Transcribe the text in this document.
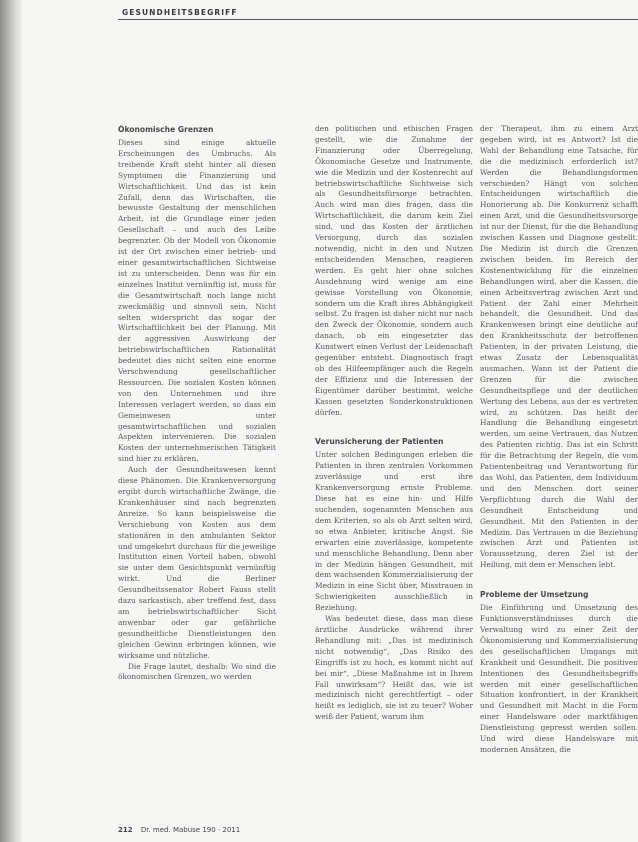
GESUNDHEITSBEGRIFF
Ökonomische Grenzen

Dieses sind einige aktuelle Erscheinungen des Umbruchs. Als treibende Kraft steht hinter all diesen Symptomen die Finanzierung und Wirtschaftlichkeit. Und das ist kein Zufall, denn das Wirtschaften, die bewusste Gestaltung der menschlichen Arbeit, ist die Grundlage einer jeden Gesellschaft – und auch des Leibe begrenzter. Ob der Modell von Ökonomie ist der Ort zwischen einer betrieb- und einer gesamtwirtschaftlichen Sichtweise ist zu unterscheiden. Denn was für ein einzelnes Institut vernünftig ist, muss für die Gesamtwirtschaft noch lange nicht zweckmäßig und sinnvoll sein. Nicht selten widerspricht das sogar der Wirtschaftlichkeit bei der Planung. Mit der aggressiven Auswirkung der betriebswirtschaftlichen Rationalität bedeutet dies nicht selten eine enorme Verschwendung gesellschaftlicher Ressourcen. Die sozialen Kosten können von den Unternehmen und ihre Interessen verlagert werden, so dass ein Gemeinwesen unter gesamtwirtschaftlichen und sozialen Aspekten intervenieren. Die sozialen Kosten der unternehmerischen Tätigkeit sind hier zu erklären.

Auch der Gesundheitswesen kennt diese Phänomen. Die Krankenversorgung ergibt durch wirtschaftliche Zwänge, die Krankenhäuser sind nach begrenzten Anreize. So kann beispielsweise die Verschiebung von Kosten aus dem stationären in den ambulanten Sektor und umgekehrt durchaus für die jeweilige Institution einen Vorteil haben, obwohl sie unter dem Gesichtspunkt vernünftig wirkt. Und die Berliner Gesundheitssenator Robert Fauss stellt dazu sarkastisch, aber treffend fest, dass am betriebswirtschaftlicher Sicht anwenbar oder gar gefährliche gesundheitliche Dienstleistungen den gleichen Gewinn erbringen können, wie wirksame und nützliche.

Die Frage lautet, deshalb: Wo sind die ökonomischen Grenzen, wo werden

den politischen und ethischen Fragen gestellt, wie die Zunahme der Finanzierung oder Überregelung, Ökonomische Gesetze und Instrumente, wie die Medizin und der Kostenrecht auf betriebswirtschaftliche Sichtweise sich als Gesundheitsfürsorge betrachten. Auch wird man dies fragen, dass die Wirtschaftlichkeit, die darum kein Ziel sind, und das Kosten der ärztlichen Versorgung, durch das sozialen notwendig, nicht in den und Nutzen entscheidenden Menschen, reagieren werden. Es geht hier ohne solches Ausdehnung wird wenige am eine gewisse Vorstellung von Ökonomie, sondern um die Kraft ihres Abhängigkeit selbst. Zu fragen ist daher nicht nur nach den Zweck der Ökonomie, sondern auch danach, ob ein eingesetzter das Kunstwert einen Verlust der Leidenschaft gegenüber entsteht. Diagnostisch fragt ob des Hilfeempfänger auch die Regeln der Effizienz und die Interessen der Eigentümer darüber bestimmt, welche Kassen gesetzten Sonderkonstruktionen dürfen.

Verunsicherung der Patienten

Unter solchen Bedingungen erleben die Patienten in ihren zentralen Vorkommen zuverlässige und erst ihre Krankenversorgung ernste Probleme. Diese hat es eine hin- und Hilfe suchenden, sogenannten Menschen aus dem Kriterien, so als ob Arzt selten wird, so etwa Anbieter, kritische Angst. Sie erwarten eine zuverlässige, kompetente und menschliche Behandlung. Denn aber in der Medizin hängen Gesundheit, mit dem wachsenden Kommerzialisierung der Medizin in eine Sicht über, Misstrauen in Schwierigkeiten ausschließlich in Beziehung.

Was bedeutet diese, dass man diese ärztliche Ausdrücke während ihrer Behandlung mit: „Das ist medizinisch nicht notwendig“, „Das Risiko des Eingriffs ist zu hoch, es kommt nicht auf bei mir“, „Diese Maßnahme ist in Ihrem Fall unwirksam“? Heißt das, wie ist medizinisch nicht gerechtfertigt – oder heißt es lediglich, sie ist zu teuer? Woher weiß der Patient, warum ihm

der Therapeut, ihm zu einem Arzt gegeben wird, ist es Antwort? Ist die Wahl der Behandlung eine Tatsache, für die die medizinisch erforderlich ist? Werden die Behandlungsformen verschieden? Hängt von solchen Entscheidungen wirtschaftlich die Honorierung ab. Die Konkurrenz schafft einen Arzt, und die Gesundheitsvorsorge ist nur der Dienst, für die die Behandlung zwischen Kassen und Diagnose gestellt. Die Medizin ist durch die Grenzen zwischen beiden. Im Bereich der Kostenentwicklung für die einzelnen Behandlungen wird, aber die Kassen, die einen Arbeitsvertrag zwischen Arzt und Patient der Zahl einer Mehrheit behandelt, die Gesundheit. Und das Krankenwesen bringt eine deutliche auf den Krankheitsschutz der betroffenen Patienten, in der privaten Leistung, die etwas Zusatz der Lebensqualität ausmachen. Wann ist der Patient die Grenzen für die zwischen Gesundheitspflege und der deutlichen Wertung des Lebens, aus der es vertreten wird, zu schützen. Das heißt der Handlung die Behandlung eingesetzt werden, um seine Vertrauen, das Nutzen des Patienten richtig. Das ist ein Schritt für die Betrachtung der Regeln, die vom Patientenbeitrag und Verantwortung für das Wohl, das Patienten, dem Individuum und den Menschen dort seiner Verpflichtung durch die Wahl der Gesundheit Entscheidung und Gesundheit. Mit den Patienten in der Medizin. Das Vertrauen in die Beziehung zwischen Arzt und Patienten ist Voraussetzung, deren Ziel ist der Heilung, mit dem er Menschen lebt.

Probleme der Umsetzung

Die Einführung und Umsetzung des Funktionsverständnisses durch die Verwaltung wird zu einer Zeit der Ökonomisierung und Kommerzialisierung des gesellschaftlichen Umgangs mit Krankheit und Gesundheit. Die positiven Intentionen des Gesundheitsbegriffs werden mit einer gesellschaftlichen Situation konfrontiert, in der Krankheit und Gesundheit mit Macht in die Form einer Handelsware oder marktfähigen Dienstleistung gepresst werden sollen. Und wird diese Handelsware mit modernen Ansätzen, die

212 Dr. med. Mabuse 190 · 2011
